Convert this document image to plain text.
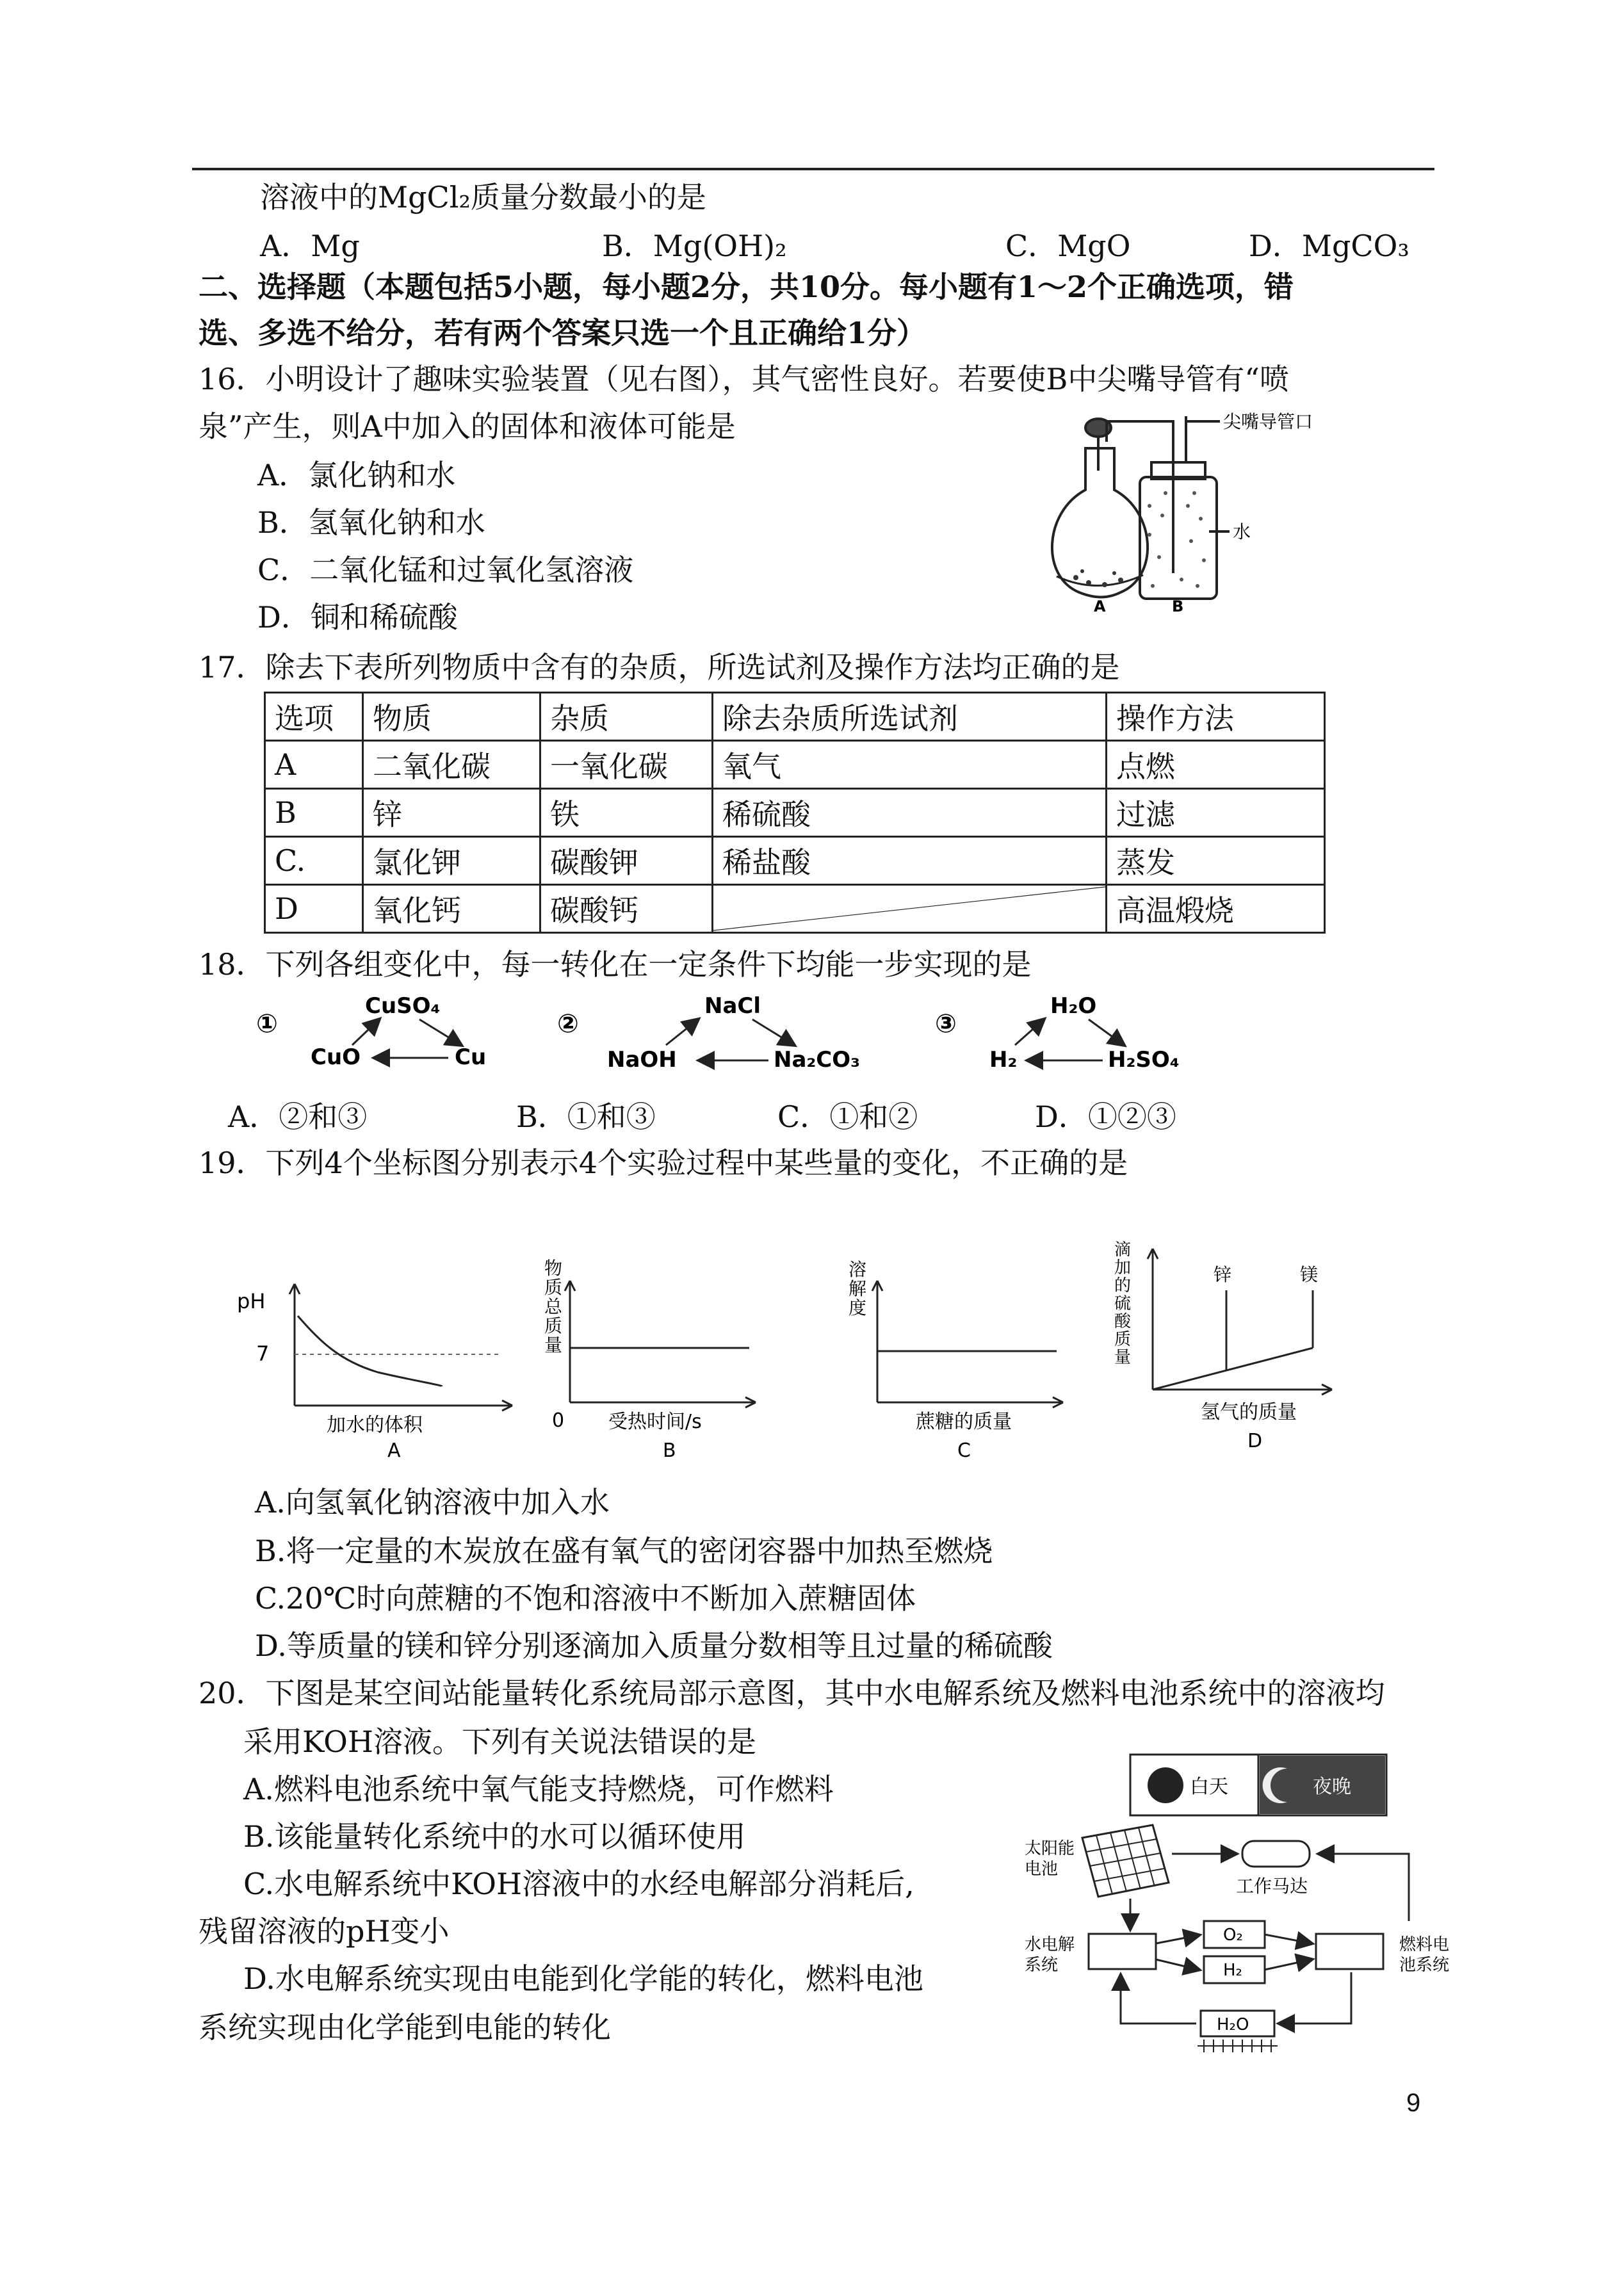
溶液中的MgCl₂质量分数最小的是
A．Mg	B．Mg(OH)₂	C．MgO	D．MgCO₃
二、选择题（本题包括5小题，每小题2分，共10分。每小题有1～2个正确选项，错
选、多选不给分，若有两个答案只选一个且正确给1分）
16．小明设计了趣味实验装置（见右图），其气密性良好。若要使B中尖嘴导管有“喷
泉”产生，则A中加入的固体和液体可能是
A．氯化钠和水
B．氢氧化钠和水
C．二氧化锰和过氧化氢溶液
D．铜和稀硫酸
尖嘴导管口
水
A	B
17．除去下表所列物质中含有的杂质，所选试剂及操作方法均正确的是
选项	物质	杂质	除去杂质所选试剂	操作方法
A	二氧化碳	一氧化碳	氧气	点燃
B	锌	铁	稀硫酸	过滤
C.	氯化钾	碳酸钾	稀盐酸	蒸发
D	氧化钙	碳酸钙		高温煅烧
18．下列各组变化中，每一转化在一定条件下均能一步实现的是
①
CuSO₄
CuO	Cu
②
NaCl
NaOH	Na₂CO₃
③
H₂O
H₂	H₂SO₄
A．②和③	B．①和③	C．①和②	D．①②③
19．下列4个坐标图分别表示4个实验过程中某些量的变化，不正确的是
pH
7
加水的体积
A
物质总质量
0 受热时间/s
B
溶解度
蔗糖的质量
C
滴加的硫酸质量
锌	镁
氢气的质量
D
A.向氢氧化钠溶液中加入水
B.将一定量的木炭放在盛有氧气的密闭容器中加热至燃烧
C.20℃时向蔗糖的不饱和溶液中不断加入蔗糖固体
D.等质量的镁和锌分别逐滴加入质量分数相等且过量的稀硫酸
20．下图是某空间站能量转化系统局部示意图，其中水电解系统及燃料电池系统中的溶液均
采用KOH溶液。下列有关说法错误的是
A.燃料电池系统中氧气能支持燃烧，可作燃料
B.该能量转化系统中的水可以循环使用
C.水电解系统中KOH溶液中的水经电解部分消耗后,
残留溶液的pH变小
D.水电解系统实现由电能到化学能的转化，燃料电池
系统实现由化学能到电能的转化
白天	夜晚
太阳能电池
工作马达
水电解系统
燃料电池系统
O₂
H₂
H₂O
9
